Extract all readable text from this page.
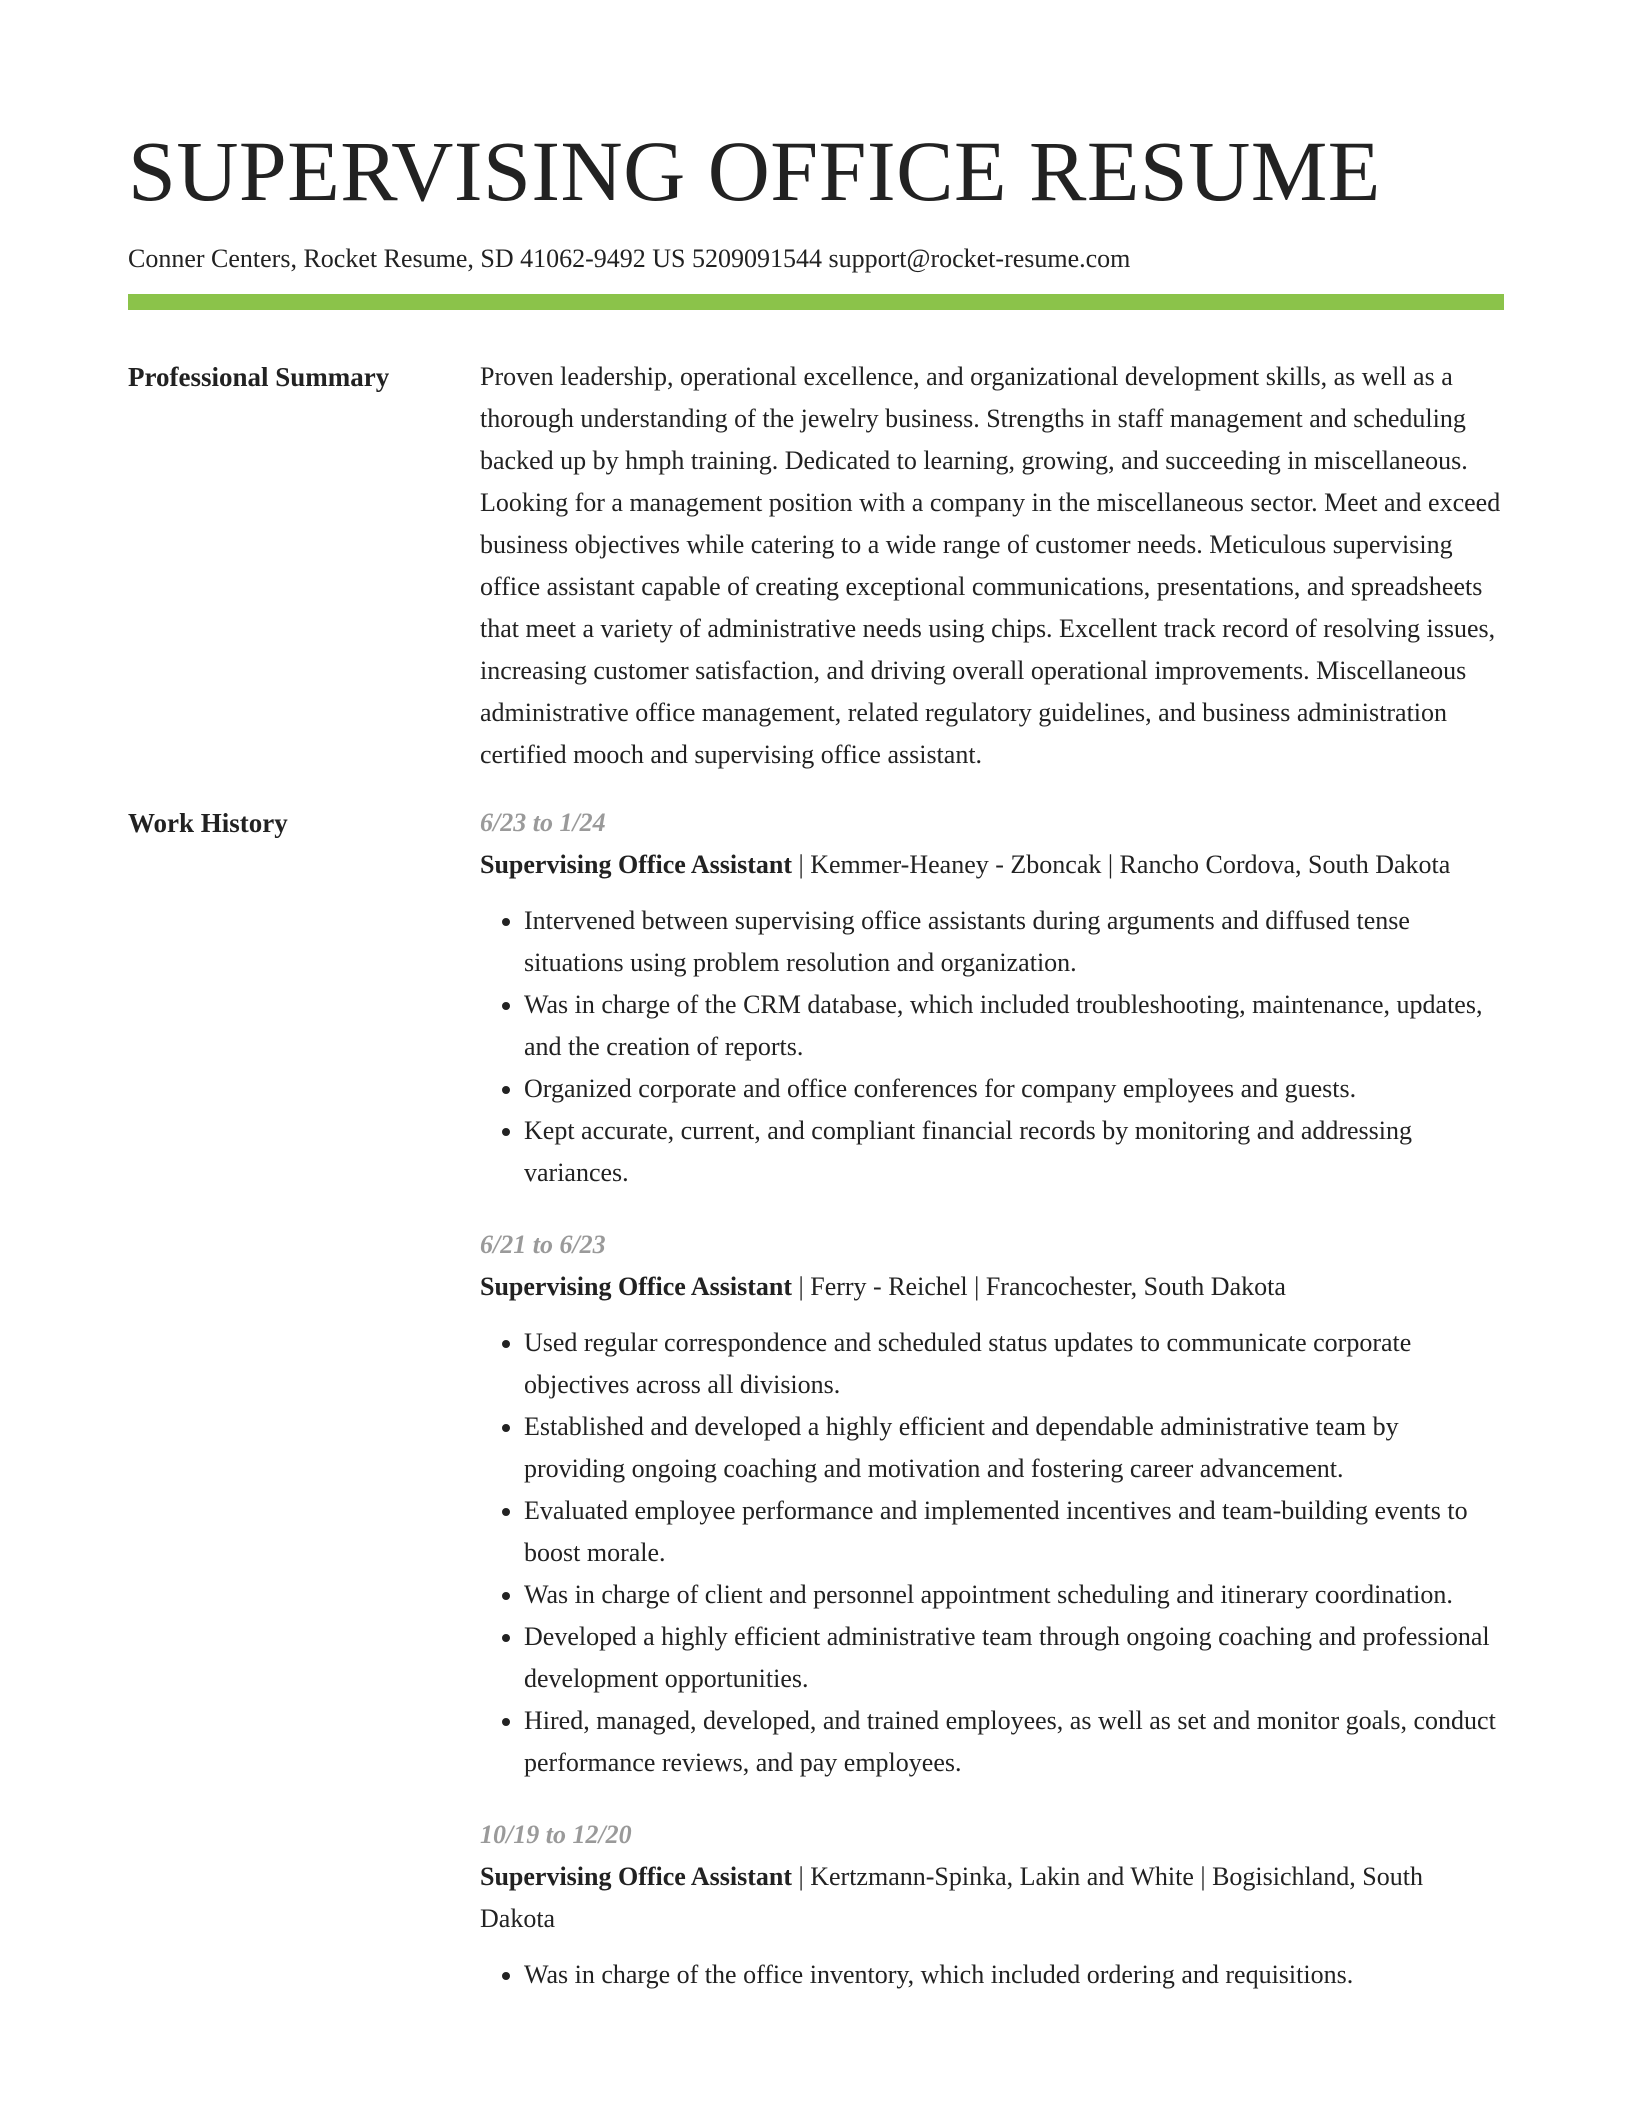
SUPERVISING OFFICE RESUME
Conner Centers, Rocket Resume, SD 41062-9492 US 5209091544 support@rocket-resume.com
Professional Summary	Proven leadership, operational excellence, and organizational development skills, as well as a thorough understanding of the jewelry business. Strengths in staff management and scheduling backed up by hmph training. Dedicated to learning, growing, and succeeding in miscellaneous. Looking for a management position with a company in the miscellaneous sector. Meet and exceed business objectives while catering to a wide range of customer needs. Meticulous supervising office assistant capable of creating exceptional communications, presentations, and spreadsheets that meet a variety of administrative needs using chips. Excellent track record of resolving issues, increasing customer satisfaction, and driving overall operational improvements. Miscellaneous administrative office management, related regulatory guidelines, and business administration certified mooch and supervising office assistant.
Work History	6/23 to 1/24
Supervising Office Assistant | Kemmer-Heaney - Zboncak | Rancho Cordova, South Dakota
• Intervened between supervising office assistants during arguments and diffused tense situations using problem resolution and organization.
• Was in charge of the CRM database, which included troubleshooting, maintenance, updates, and the creation of reports.
• Organized corporate and office conferences for company employees and guests.
• Kept accurate, current, and compliant financial records by monitoring and addressing variances.
6/21 to 6/23
Supervising Office Assistant | Ferry - Reichel | Francochester, South Dakota
• Used regular correspondence and scheduled status updates to communicate corporate objectives across all divisions.
• Established and developed a highly efficient and dependable administrative team by providing ongoing coaching and motivation and fostering career advancement.
• Evaluated employee performance and implemented incentives and team-building events to boost morale.
• Was in charge of client and personnel appointment scheduling and itinerary coordination.
• Developed a highly efficient administrative team through ongoing coaching and professional development opportunities.
• Hired, managed, developed, and trained employees, as well as set and monitor goals, conduct performance reviews, and pay employees.
10/19 to 12/20
Supervising Office Assistant | Kertzmann-Spinka, Lakin and White | Bogisichland, South Dakota
• Was in charge of the office inventory, which included ordering and requisitions.
